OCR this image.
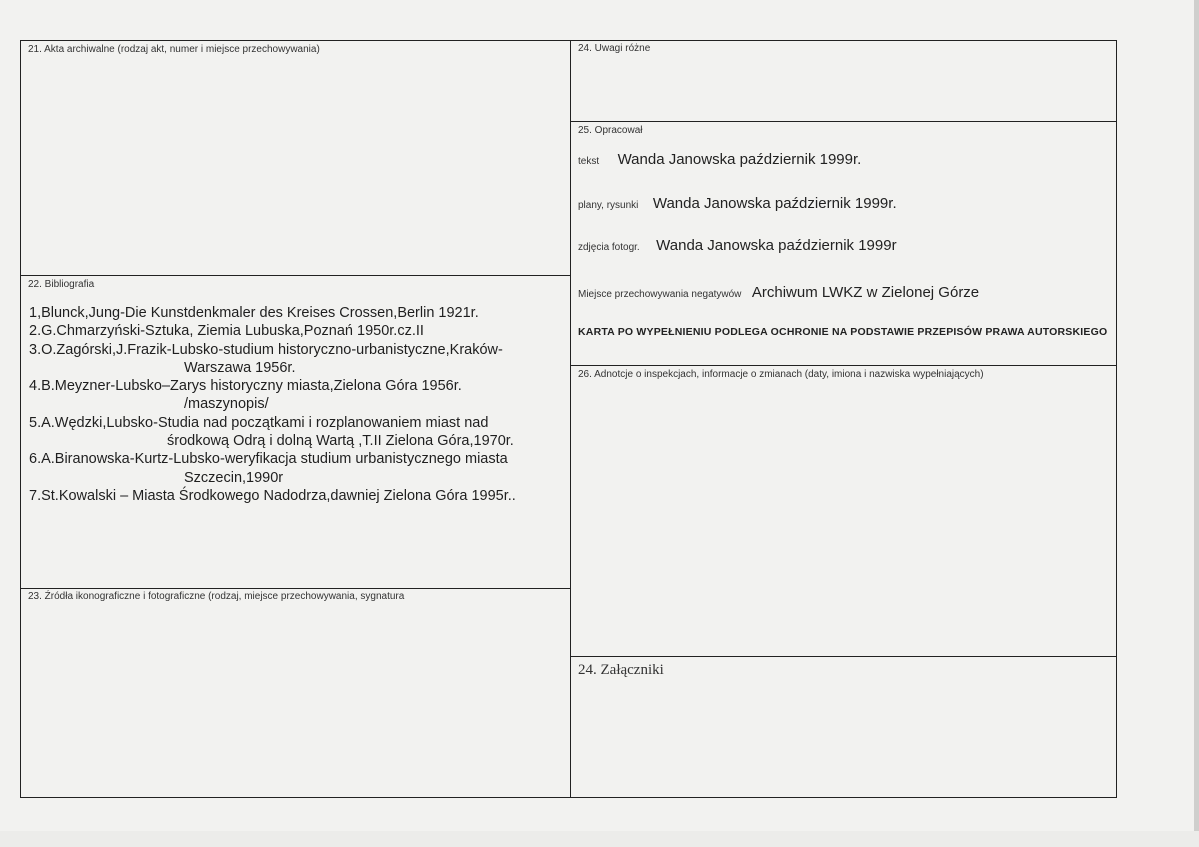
21. Akta archiwalne (rodzaj akt, numer i miejsce przechowywania)
22. Bibliografia
1,Blunck,Jung-Die Kunstdenkmaler des Kreises Crossen,Berlin 1921r.
2.G.Chmarzyński-Sztuka, Ziemia Lubuska,Poznań 1950r.cz.II
3.O.Zagórski,J.Frazik-Lubsko-studium historyczno-urbanistyczne,Kraków-
Warszawa 1956r.
4.B.Meyzner-Lubsko–Zarys historyczny miasta,Zielona Góra 1956r.
/maszynopis/
5.A.Wędzki,Lubsko-Studia nad początkami i rozplanowaniem miast nad
środkową Odrą i dolną Wartą ,T.II Zielona Góra,1970r.
6.A.Biranowska-Kurtz-Lubsko-weryfikacja studium urbanistycznego miasta
Szczecin,1990r
7.St.Kowalski – Miasta Środkowego Nadodrza,dawniej Zielona Góra 1995r..
23. Źródła ikonograficzne i fotograficzne (rodzaj, miejsce przechowywania, sygnatura
24. Uwagi różne
25. Opracował
tekst Wanda Janowska październik 1999r.
plany, rysunki Wanda Janowska październik 1999r.
zdjęcia fotogr. Wanda Janowska październik 1999r
Miejsce przechowywania negatywów Archiwum LWKZ w Zielonej Górze
KARTA PO WYPEŁNIENIU PODLEGA OCHRONIE NA PODSTAWIE PRZEPISÓW PRAWA AUTORSKIEGO
26. Adnotcje o inspekcjach, informacje o zmianach (daty, imiona i nazwiska wypełniających)
24. Załączniki
